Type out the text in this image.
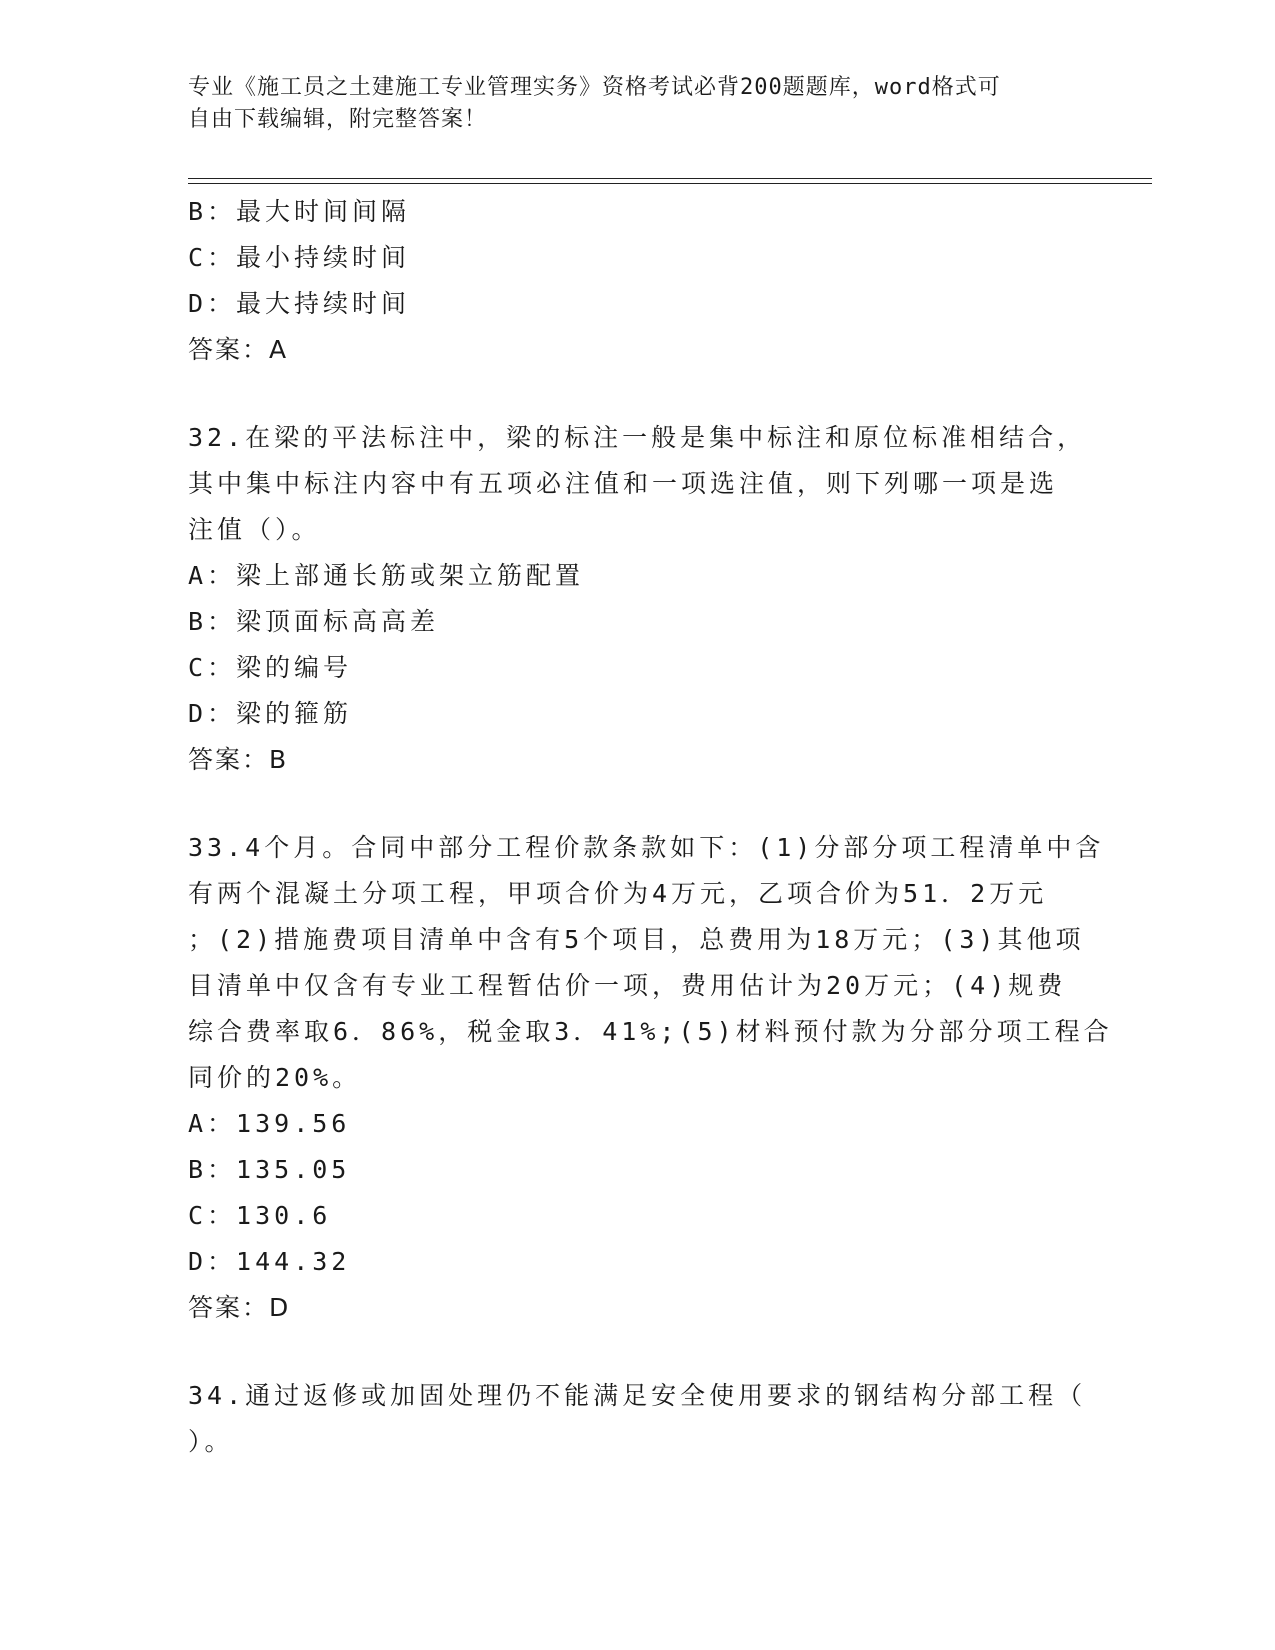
专业《施工员之土建施工专业管理实务》资格考试必背200题题库，word格式可
自由下载编辑，附完整答案！
B：最大时间间隔
C：最小持续时间
D：最大持续时间
答案：A
32.在梁的平法标注中，梁的标注一般是集中标注和原位标准相结合，
其中集中标注内容中有五项必注值和一项选注值，则下列哪一项是选
注值（）。
A：梁上部通长筋或架立筋配置
B：梁顶面标高高差
C：梁的编号
D：梁的箍筋
答案：B
33.4个月。合同中部分工程价款条款如下：(1)分部分项工程清单中含
有两个混凝土分项工程，甲项合价为4万元，乙项合价为51．2万元
；(2)措施费项目清单中含有5个项目，总费用为18万元；(3)其他项
目清单中仅含有专业工程暂估价一项，费用估计为20万元；(4)规费
综合费率取6．86%，税金取3．41%;(5)材料预付款为分部分项工程合
同价的20%。
A：139.56
B：135.05
C：130.6
D：144.32
答案：D
34.通过返修或加固处理仍不能满足安全使用要求的钢结构分部工程（
）。
